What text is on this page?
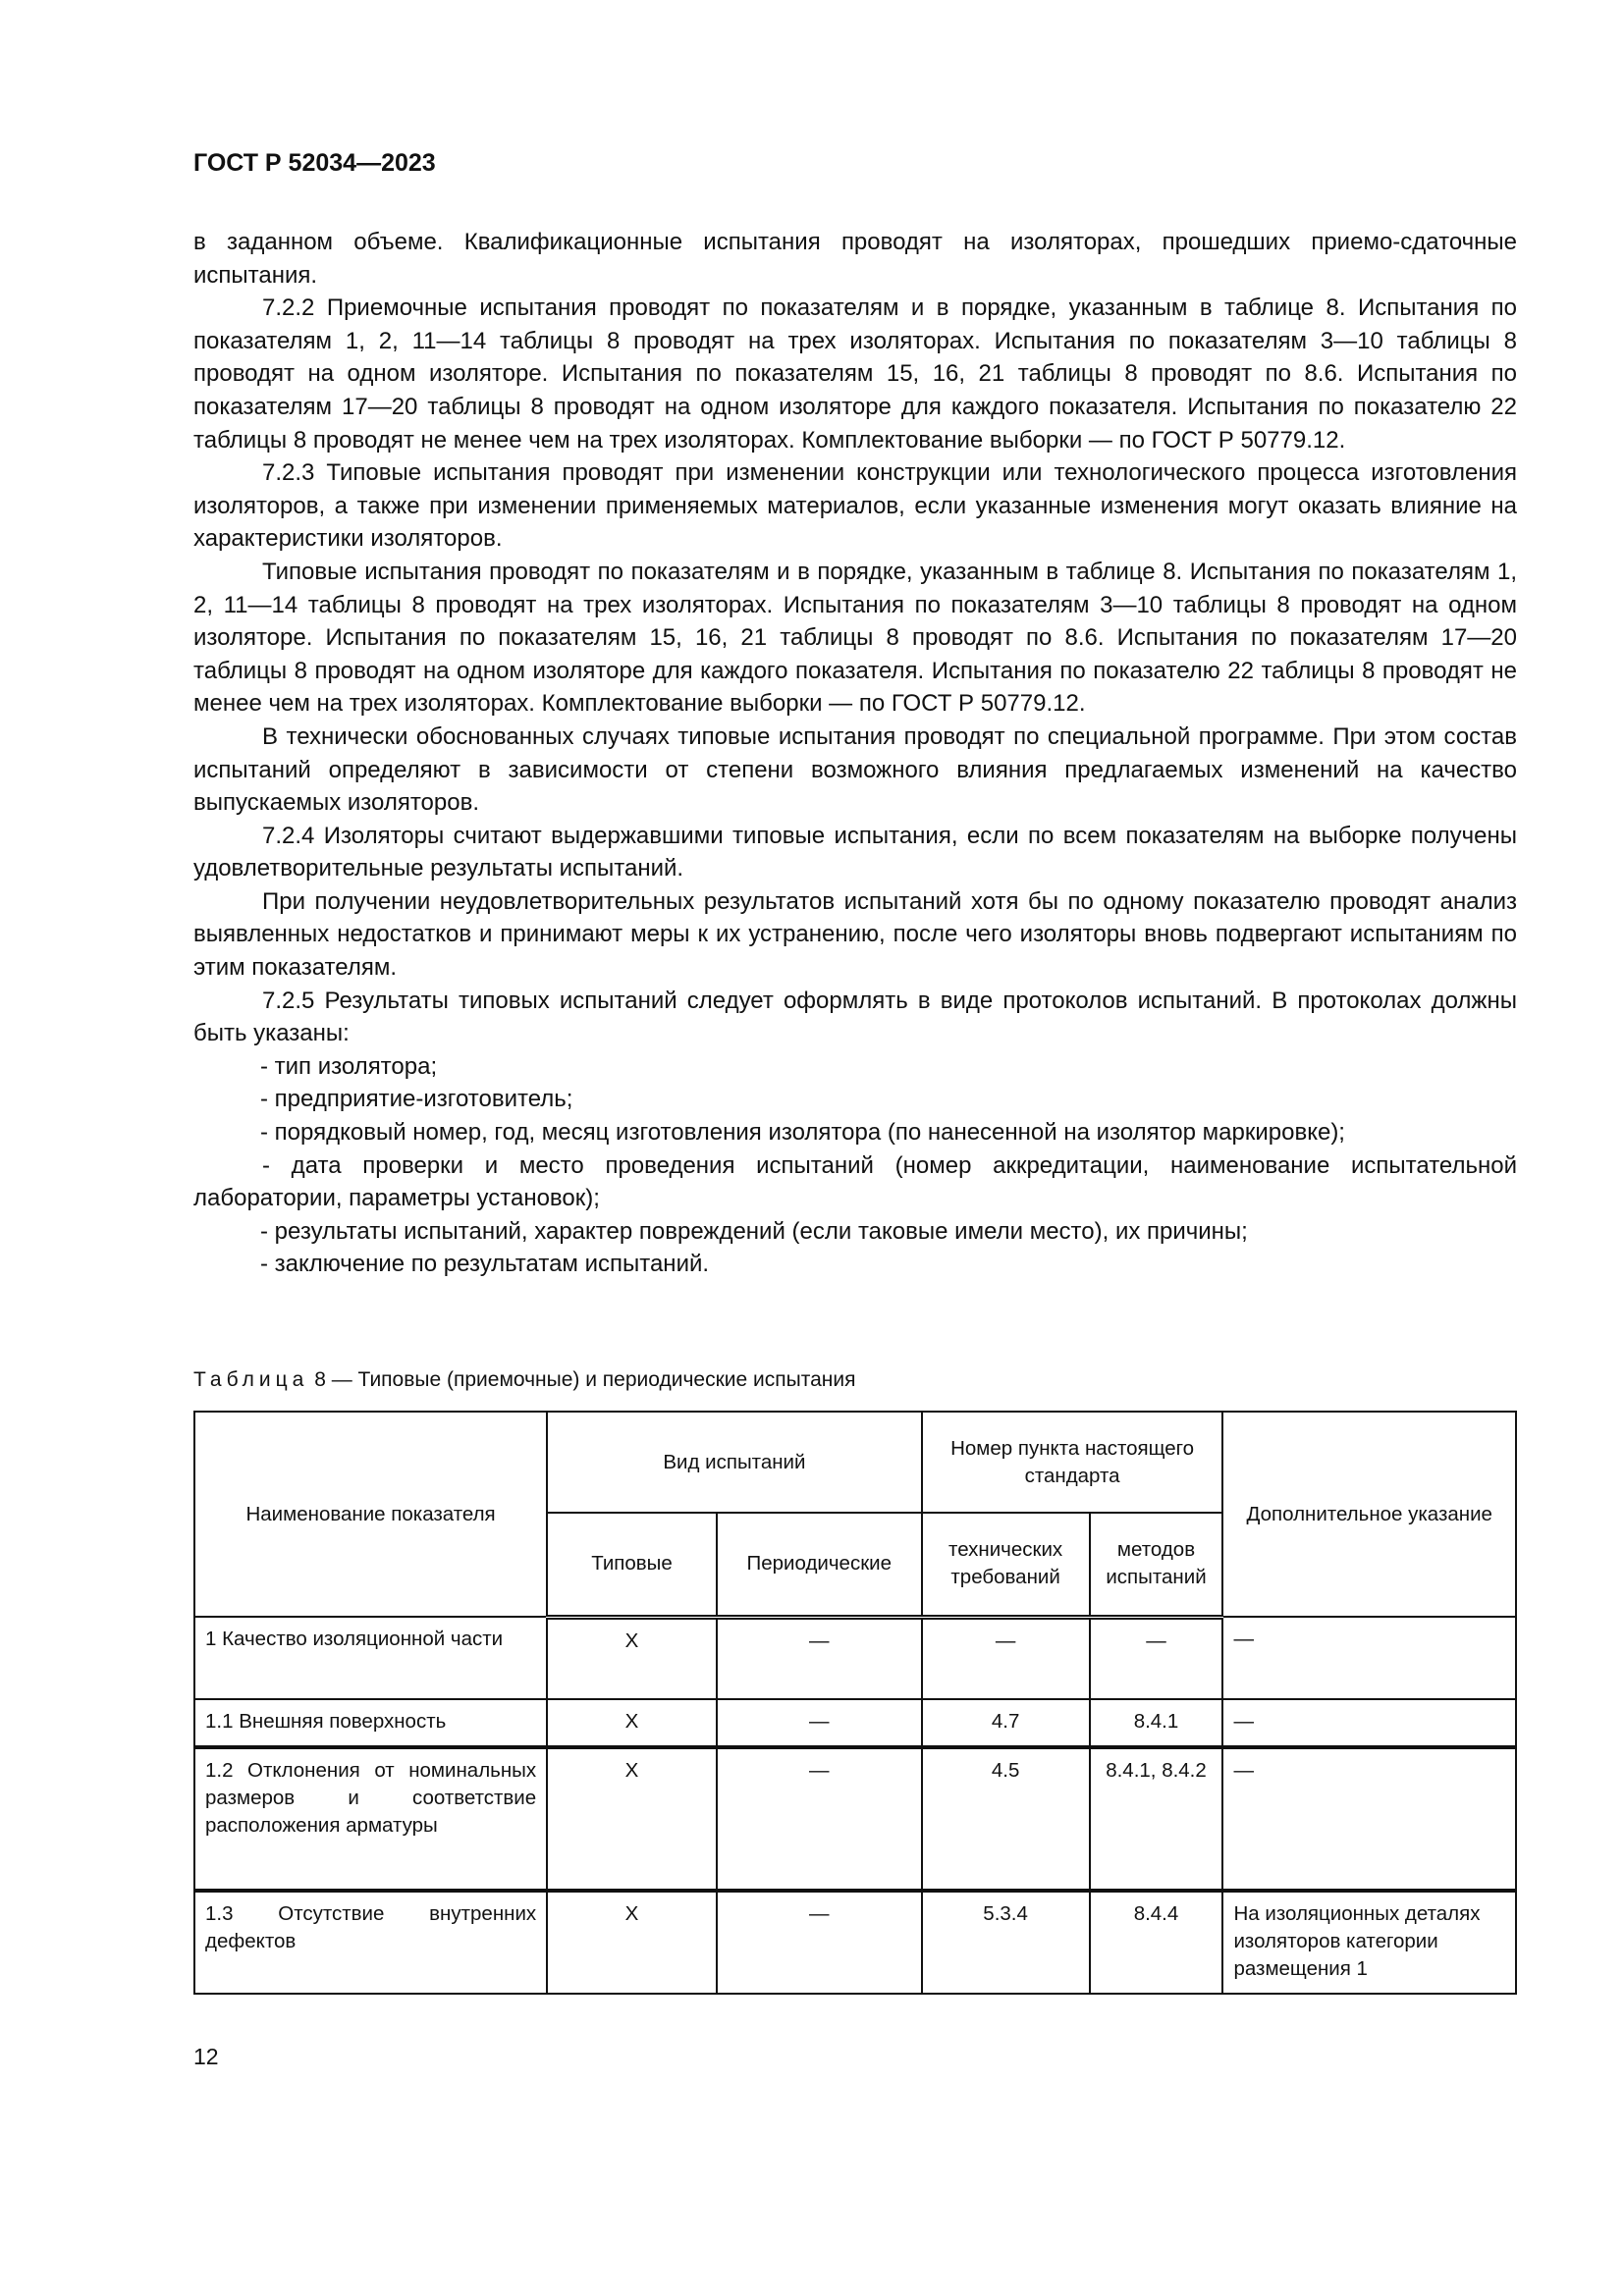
ГОСТ Р 52034—2023

в заданном объеме. Квалификационные испытания проводят на изоляторах, прошедших приемо-сдаточные испытания.

7.2.2 Приемочные испытания проводят по показателям и в порядке, указанным в таблице 8. Испытания по показателям 1, 2, 11—14 таблицы 8 проводят на трех изоляторах. Испытания по показателям 3—10 таблицы 8 проводят на одном изоляторе. Испытания по показателям 15, 16, 21 таблицы 8 проводят по 8.6. Испытания по показателям 17—20 таблицы 8 проводят на одном изоляторе для каждого показателя. Испытания по показателю 22 таблицы 8 проводят не менее чем на трех изоляторах. Комплектование выборки — по ГОСТ Р 50779.12.

7.2.3 Типовые испытания проводят при изменении конструкции или технологического процесса изготовления изоляторов, а также при изменении применяемых материалов, если указанные изменения могут оказать влияние на характеристики изоляторов.

Типовые испытания проводят по показателям и в порядке, указанным в таблице 8. Испытания по показателям 1, 2, 11—14 таблицы 8 проводят на трех изоляторах. Испытания по показателям 3—10 таблицы 8 проводят на одном изоляторе. Испытания по показателям 15, 16, 21 таблицы 8 проводят по 8.6. Испытания по показателям 17—20 таблицы 8 проводят на одном изоляторе для каждого показателя. Испытания по показателю 22 таблицы 8 проводят не менее чем на трех изоляторах. Комплектование выборки — по ГОСТ Р 50779.12.

В технически обоснованных случаях типовые испытания проводят по специальной программе. При этом состав испытаний определяют в зависимости от степени возможного влияния предлагаемых изменений на качество выпускаемых изоляторов.

7.2.4 Изоляторы считают выдержавшими типовые испытания, если по всем показателям на выборке получены удовлетворительные результаты испытаний.

При получении неудовлетворительных результатов испытаний хотя бы по одному показателю проводят анализ выявленных недостатков и принимают меры к их устранению, после чего изоляторы вновь подвергают испытаниям по этим показателям.

7.2.5 Результаты типовых испытаний следует оформлять в виде протоколов испытаний. В протоколах должны быть указаны:

- тип изолятора;

- предприятие-изготовитель;

- порядковый номер, год, месяц изготовления изолятора (по нанесенной на изолятор маркировке);

- дата проверки и место проведения испытаний (номер аккредитации, наименование испытательной лаборатории, параметры установок);

- результаты испытаний, характер повреждений (если таковые имели место), их причины;

- заключение по результатам испытаний.

Таблица 8 — Типовые (приемочные) и периодические испытания
Наименование показателя	Вид испытаний		Номер пункта настоящего стандарта		Дополнительное указание
	Типовые	Периодические	технических требований	методов испытаний	
1 Качество изоляционной части	X	—	—	—	—
1.1 Внешняя поверхность	X	—	4.7	8.4.1	—
1.2 Отклонения от номинальных размеров и соответствие расположения арматуры	X	—	4.5	8.4.1, 8.4.2	—
1.3 Отсутствие внутренних дефектов	X	—	5.3.4	8.4.4	На изоляционных деталях изоляторов категории размещения 1
12
